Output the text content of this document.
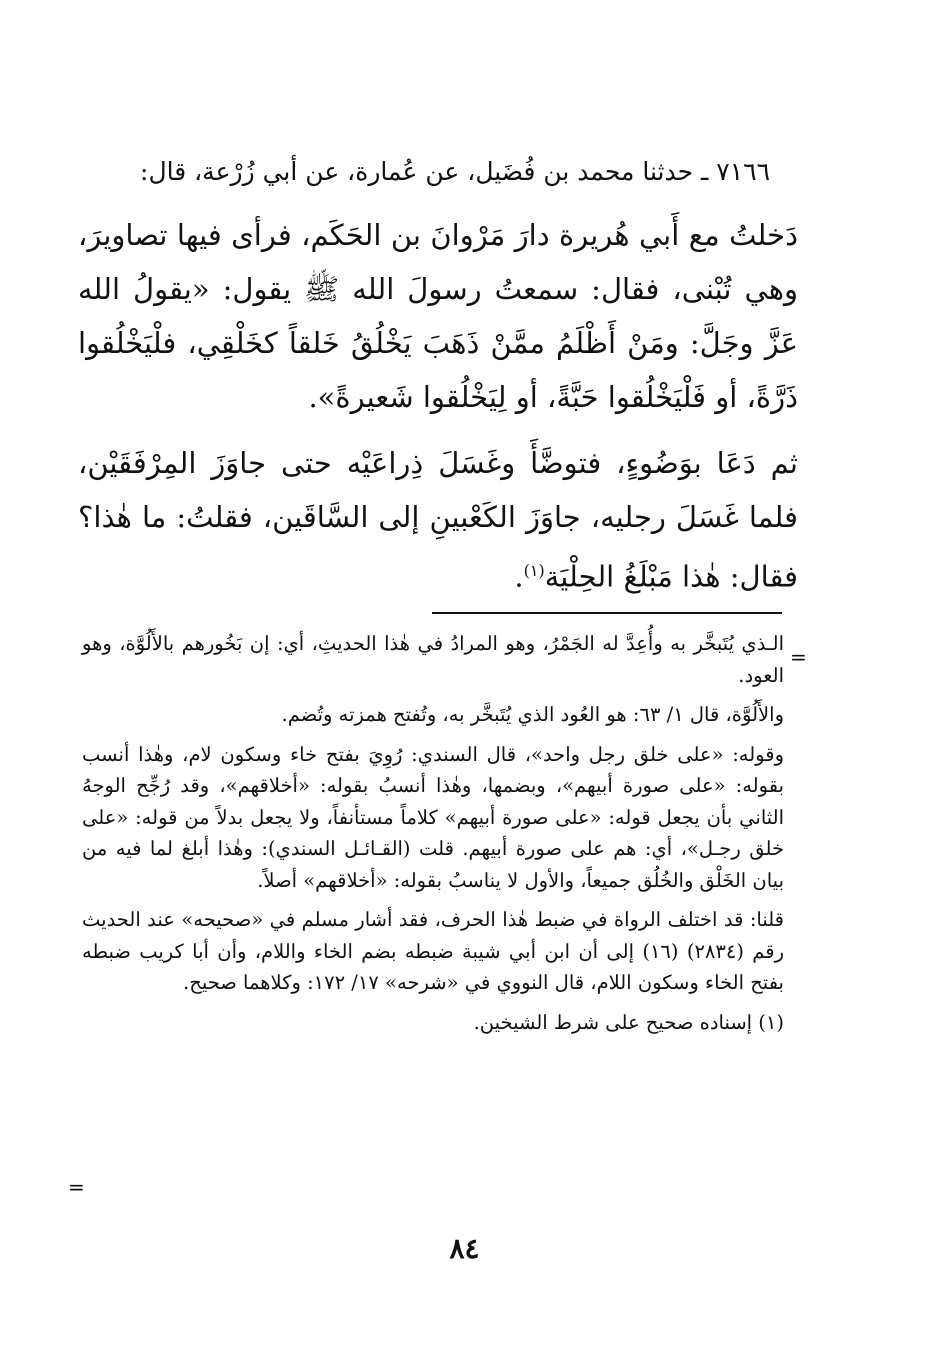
٧١٦٦ ـ حدثنا محمد بن فُضَيل، عن عُمارة، عن أبي زُرْعة، قال:

دَخلتُ مع أَبي هُريرة دارَ مَرْوانَ بن الحَكَم، فرأى فيها تصاويرَ، وهي تُبْنى، فقال: سمعتُ رسولَ الله ﷺ يقول: «يقولُ الله عَزَّ وجَلَّ: ومَنْ أَظْلَمُ ممَّنْ ذَهَبَ يَخْلُقُ خَلقاً كخَلْقِي، فلْيَخْلُقوا ذَرَّةً، أو فَلْيَخْلُقوا حَبَّةً، أو لِيَخْلُقوا شَعيرةً».

ثم دَعَا بوَضُوءٍ، فتوضَّأَ وغَسَلَ ذِراعَيْه حتى جاوَزَ المِرْفَقَيْن، فلما غَسَلَ رجليه، جاوَزَ الكَعْبينِ إلى السَّاقَين، فقلتُ: ما هٰذا؟ فقال: هٰذا مَبْلَغُ الحِلْيَة$^{(١)}$.

=

الـذي يُتَبخَّر به وأُعِدَّ له الجَمْرُ، وهو المرادُ في هٰذا الحديثِ، أي: إن بَخُورهم بالأَلُوَّة، وهو العود.

والأَلُوَّة، قال ١/ ٦٣: هو العُود الذي يُتَبخَّر به، وتُفتح همزته وتُضم.

وقوله: «على خلق رجل واحد»، قال السندي: رُوِيَ بفتح خاء وسكون لام، وهٰذا أنسب بقوله: «على صورة أبيهم»، وبضمها، وهٰذا أنسبُ بقوله: «أخلاقهم»، وقد رُجِّح الوجهُ الثاني بأن يجعل قوله: «على صورة أبيهم» كلاماً مستأنفاً، ولا يجعل بدلاً من قوله: «على خلق رجـل»، أي: هم على صورة أبيهم. قلت (القـائـل السندي): وهٰذا أبلغ لما فيه من بيان الخَلْق والخُلُق جميعاً، والأول لا يناسبُ بقوله: «أخلاقهم» أصلاً.

قلنا: قد اختلف الرواة في ضبط هٰذا الحرف، فقد أشار مسلم في «صحيحه» عند الحديث رقم (٢٨٣٤) (١٦) إلى أن ابن أبي شيبة ضبطه بضم الخاء واللام، وأن أبا كريب ضبطه بفتح الخاء وسكون اللام، قال النووي في «شرحه» ١٧/ ١٧٢: وكلاهما صحيح.

(١) إسناده صحيح على شرط الشيخين.

=
٨٤
